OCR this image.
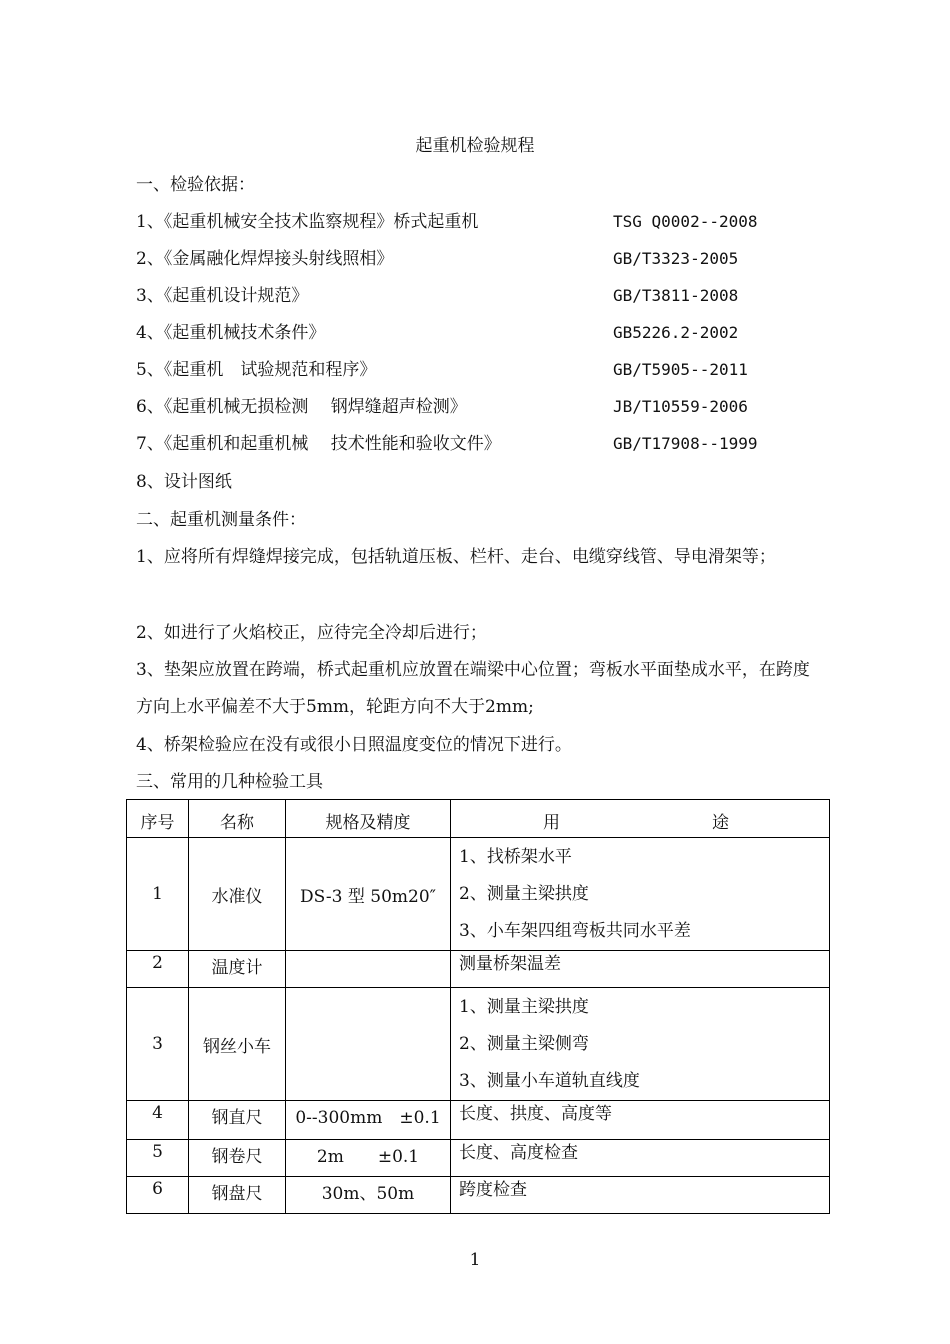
起重机检验规程
一、检验依据：
1、《起重机械安全技术监察规程》桥式起重机	TSG Q0002--2008
2、《金属融化焊焊接头射线照相》	GB/T3323-2005
3、《起重机设计规范》	GB/T3811-2008
4、《起重机械技术条件》	GB5226.2-2002
5、《起重机　试验规范和程序》	GB/T5905--2011
6、《起重机械无损检测　 钢焊缝超声检测》	JB/T10559-2006
7、《起重机和起重机械　 技术性能和验收文件》	GB/T17908--1999
8、设计图纸
二、起重机测量条件：
1、应将所有焊缝焊接完成，包括轨道压板、栏杆、走台、电缆穿线管、导电滑架等；
2、如进行了火焰校正，应待完全冷却后进行；
3、垫架应放置在跨端，桥式起重机应放置在端梁中心位置；弯板水平面垫成水平，在跨度方向上水平偏差不大于5mm，轮距方向不大于2mm;
4、桥架检验应在没有或很小日照温度变位的情况下进行。
三、常用的几种检验工具
序号	名称	规格及精度	用 途

1	水准仪	DS-3 型 50m20″	1、找桥架水平
2、测量主梁拱度
3、小车架四组弯板共同水平差

2	温度计		测量桥架温差

3	钢丝小车		1、测量主梁拱度
2、测量主梁侧弯
3、测量小车道轨直线度

4	钢直尺	0--300mm　±0.1	长度、拱度、高度等

5	钢卷尺	2m　　±0.1	长度、高度检查

6	钢盘尺	30m、50m	跨度检查
1
